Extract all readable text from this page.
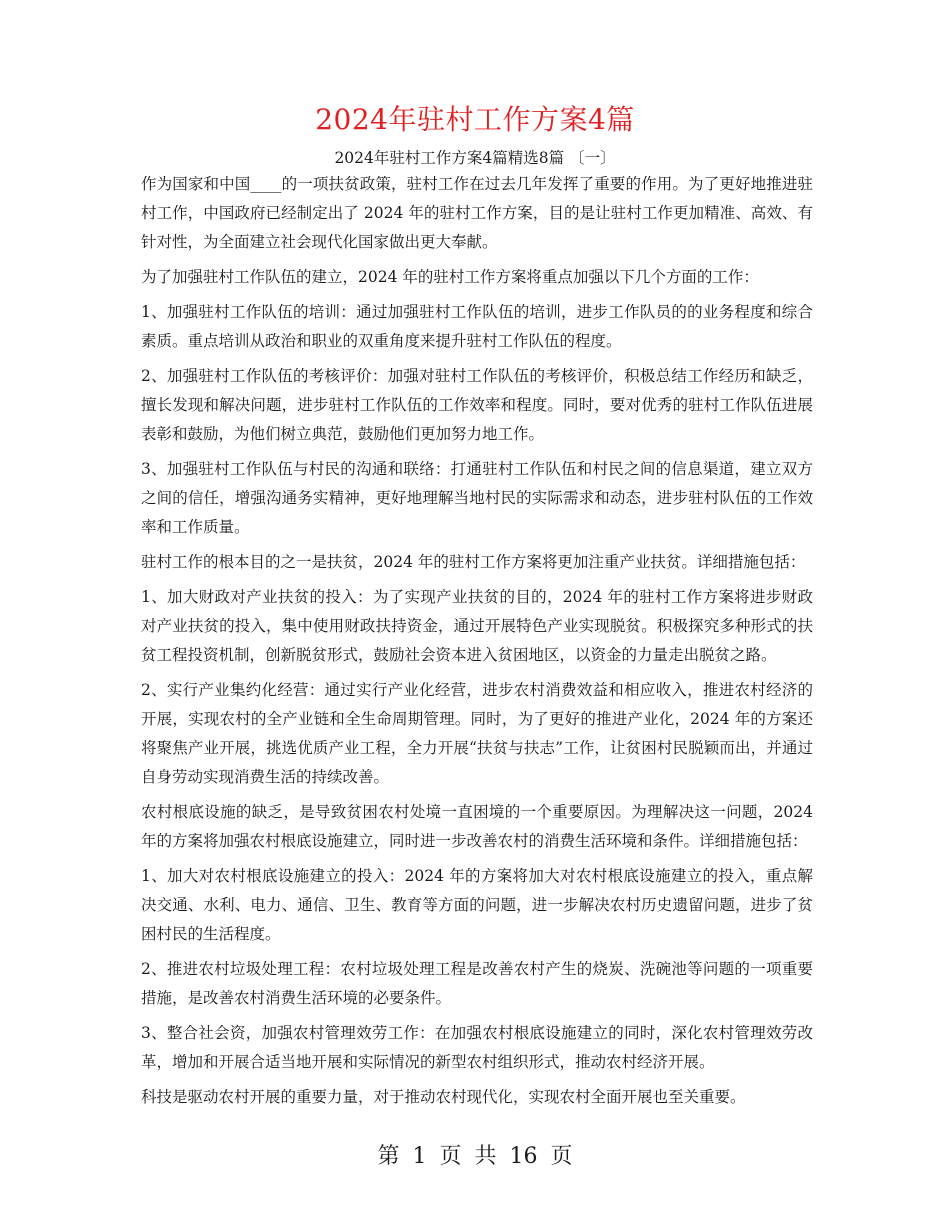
2024年驻村工作方案4篇
2024年驻村工作方案4篇精选8篇 〔一〕

作为国家和中国____的一项扶贫政策，驻村工作在过去几年发挥了重要的作用。为了更好地推进驻村工作，中国政府已经制定出了 2024 年的驻村工作方案，目的是让驻村工作更加精准、高效、有针对性，为全面建立社会现代化国家做出更大奉献。

为了加强驻村工作队伍的建立，2024 年的驻村工作方案将重点加强以下几个方面的工作：

1、加强驻村工作队伍的培训：通过加强驻村工作队伍的培训，进步工作队员的的业务程度和综合素质。重点培训从政治和职业的双重角度来提升驻村工作队伍的程度。

2、加强驻村工作队伍的考核评价：加强对驻村工作队伍的考核评价，积极总结工作经历和缺乏，擅长发现和解决问题，进步驻村工作队伍的工作效率和程度。同时，要对优秀的驻村工作队伍进展表彰和鼓励，为他们树立典范，鼓励他们更加努力地工作。

3、加强驻村工作队伍与村民的沟通和联络：打通驻村工作队伍和村民之间的信息渠道，建立双方之间的信任，增强沟通务实精神，更好地理解当地村民的实际需求和动态，进步驻村队伍的工作效率和工作质量。

驻村工作的根本目的之一是扶贫，2024 年的驻村工作方案将更加注重产业扶贫。详细措施包括：

1、加大财政对产业扶贫的投入：为了实现产业扶贫的目的，2024 年的驻村工作方案将进步财政对产业扶贫的投入，集中使用财政扶持资金，通过开展特色产业实现脱贫。积极探究多种形式的扶贫工程投资机制，创新脱贫形式，鼓励社会资本进入贫困地区，以资金的力量走出脱贫之路。

2、实行产业集约化经营：通过实行产业化经营，进步农村消费效益和相应收入，推进农村经济的开展，实现农村的全产业链和全生命周期管理。同时，为了更好的推进产业化，2024 年的方案还将聚焦产业开展，挑选优质产业工程，全力开展“扶贫与扶志”工作，让贫困村民脱颖而出，并通过自身劳动实现消费生活的持续改善。

农村根底设施的缺乏，是导致贫困农村处境一直困境的一个重要原因。为理解决这一问题，2024 年的方案将加强农村根底设施建立，同时进一步改善农村的消费生活环境和条件。详细措施包括：

1、加大对农村根底设施建立的投入：2024 年的方案将加大对农村根底设施建立的投入，重点解决交通、水利、电力、通信、卫生、教育等方面的问题，进一步解决农村历史遗留问题，进步了贫困村民的生活程度。

2、推进农村垃圾处理工程：农村垃圾处理工程是改善农村产生的烧炭、洗碗池等问题的一项重要措施，是改善农村消费生活环境的必要条件。

3、整合社会资，加强农村管理效劳工作：在加强农村根底设施建立的同时，深化农村管理效劳改革，增加和开展合适当地开展和实际情况的新型农村组织形式，推动农村经济开展。

科技是驱动农村开展的重要力量，对于推动农村现代化，实现农村全面开展也至关重要。

第 1 页 共 16 页
